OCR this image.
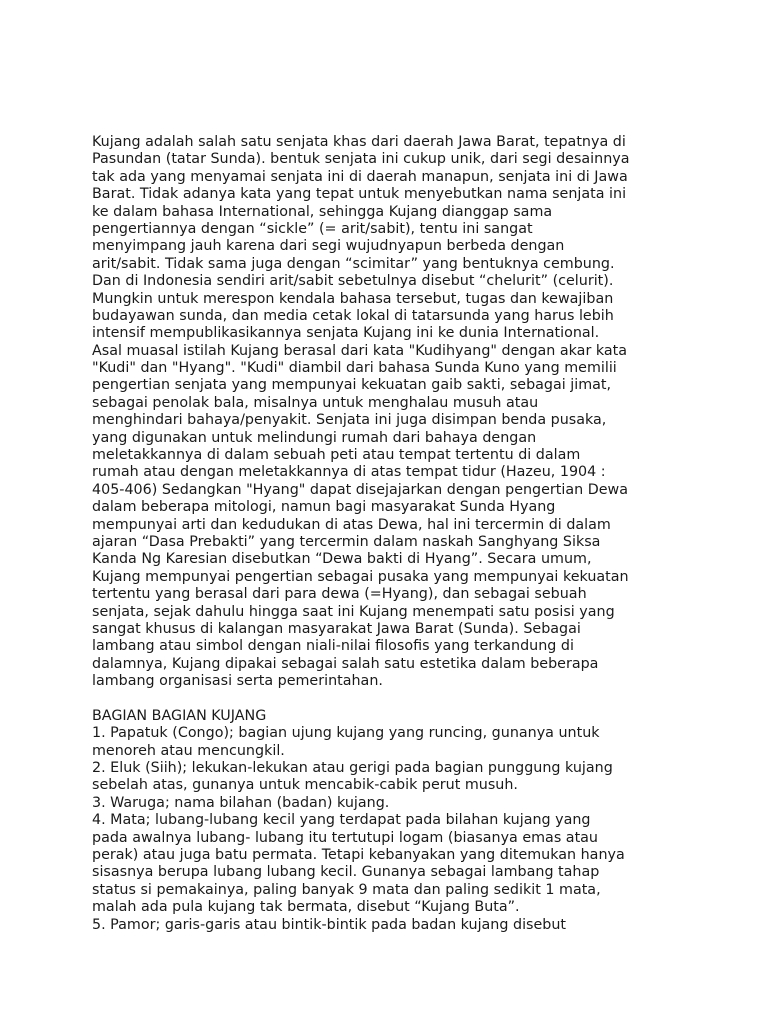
Kujang adalah salah satu senjata khas dari daerah Jawa Barat, tepatnya di
Pasundan (tatar Sunda). bentuk senjata ini cukup unik, dari segi desainnya
tak ada yang menyamai senjata ini di daerah manapun, senjata ini di Jawa
Barat. Tidak adanya kata yang tepat untuk menyebutkan nama senjata ini
ke dalam bahasa International, sehingga Kujang dianggap sama
pengertiannya dengan “sickle” (= arit/sabit), tentu ini sangat
menyimpang jauh karena dari segi wujudnyapun berbeda dengan
arit/sabit. Tidak sama juga dengan “scimitar” yang bentuknya cembung.
Dan di Indonesia sendiri arit/sabit sebetulnya disebut “chelurit” (celurit).
Mungkin untuk merespon kendala bahasa tersebut, tugas dan kewajiban
budayawan sunda, dan media cetak lokal di tatarsunda yang harus lebih
intensif mempublikasikannya senjata Kujang ini ke dunia International.
Asal muasal istilah Kujang berasal dari kata "Kudihyang" dengan akar kata
"Kudi" dan "Hyang". "Kudi" diambil dari bahasa Sunda Kuno yang memilii
pengertian senjata yang mempunyai kekuatan gaib sakti, sebagai jimat,
sebagai penolak bala, misalnya untuk menghalau musuh atau
menghindari bahaya/penyakit. Senjata ini juga disimpan benda pusaka,
yang digunakan untuk melindungi rumah dari bahaya dengan
meletakkannya di dalam sebuah peti atau tempat tertentu di dalam
rumah atau dengan meletakkannya di atas tempat tidur (Hazeu, 1904 :
405-406) Sedangkan "Hyang" dapat disejajarkan dengan pengertian Dewa
dalam beberapa mitologi, namun bagi masyarakat Sunda Hyang
mempunyai arti dan kedudukan di atas Dewa, hal ini tercermin di dalam
ajaran “Dasa Prebakti” yang tercermin dalam naskah Sanghyang Siksa
Kanda Ng Karesian disebutkan “Dewa bakti di Hyang”. Secara umum,
Kujang mempunyai pengertian sebagai pusaka yang mempunyai kekuatan
tertentu yang berasal dari para dewa (=Hyang), dan sebagai sebuah
senjata, sejak dahulu hingga saat ini Kujang menempati satu posisi yang
sangat khusus di kalangan masyarakat Jawa Barat (Sunda). Sebagai
lambang atau simbol dengan niali-nilai filosofis yang terkandung di
dalamnya, Kujang dipakai sebagai salah satu estetika dalam beberapa
lambang organisasi serta pemerintahan.
BAGIAN BAGIAN KUJANG
1. Papatuk (Congo); bagian ujung kujang yang runcing, gunanya untuk
menoreh atau mencungkil.
2. Eluk (Siih); lekukan-lekukan atau gerigi pada bagian punggung kujang
sebelah atas, gunanya untuk mencabik-cabik perut musuh.
3. Waruga; nama bilahan (badan) kujang.
4. Mata; lubang-lubang kecil yang terdapat pada bilahan kujang yang
pada awalnya lubang- lubang itu tertutupi logam (biasanya emas atau
perak) atau juga batu permata. Tetapi kebanyakan yang ditemukan hanya
sisasnya berupa lubang lubang kecil. Gunanya sebagai lambang tahap
status si pemakainya, paling banyak 9 mata dan paling sedikit 1 mata,
malah ada pula kujang tak bermata, disebut “Kujang Buta”.
5. Pamor; garis-garis atau bintik-bintik pada badan kujang disebut
